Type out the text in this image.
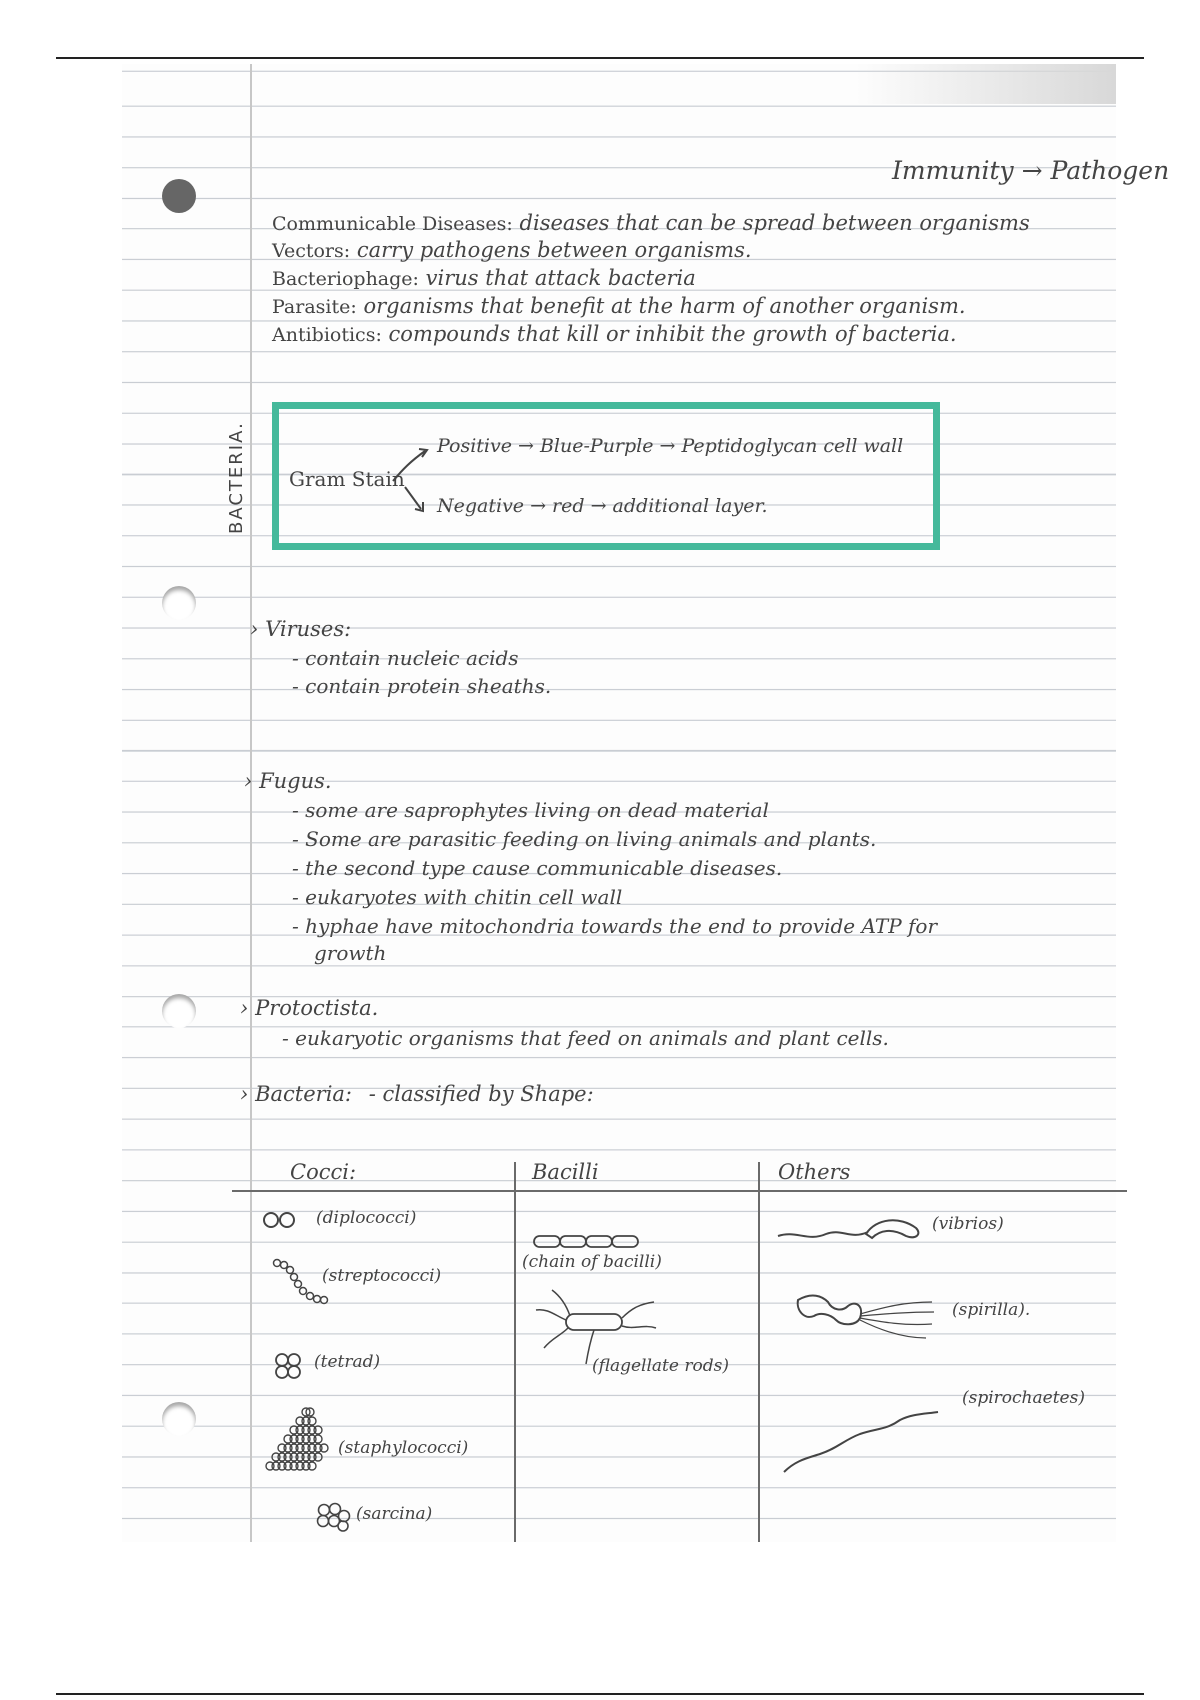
Immunity → Pathogen
Communicable Diseases: diseases that can be spread between organisms
Vectors: carry pathogens between organisms.
Bacteriophage: virus that attack bacteria
Parasite: organisms that benefit at the harm of another organism.
Antibiotics: compounds that kill or inhibit the growth of bacteria.
BACTERIA. Gram Stain
Positive → Blue-Purple → Peptidoglycan cell wall
Negative → red → additional layer.
› Viruses:
- contain nucleic acids
- contain protein sheaths.
› Fugus.
- some are saprophytes living on dead material
- Some are parasitic feeding on living animals and plants.
- the second type cause communicable diseases.
- eukaryotes with chitin cell wall
- hyphae have mitochondria towards the end to provide ATP for
growth
› Protoctista.
- eukaryotic organisms that feed on animals and plant cells.
› Bacteria: - classified by Shape:
Cocci:	Bacilli	Others
(diplococci)
(streptococci)
(tetrad)
(staphylococci)
(sarcina)
(chain of bacilli)
(flagellate rods)
(vibrios)
(spirilla).
(spirochaetes)
